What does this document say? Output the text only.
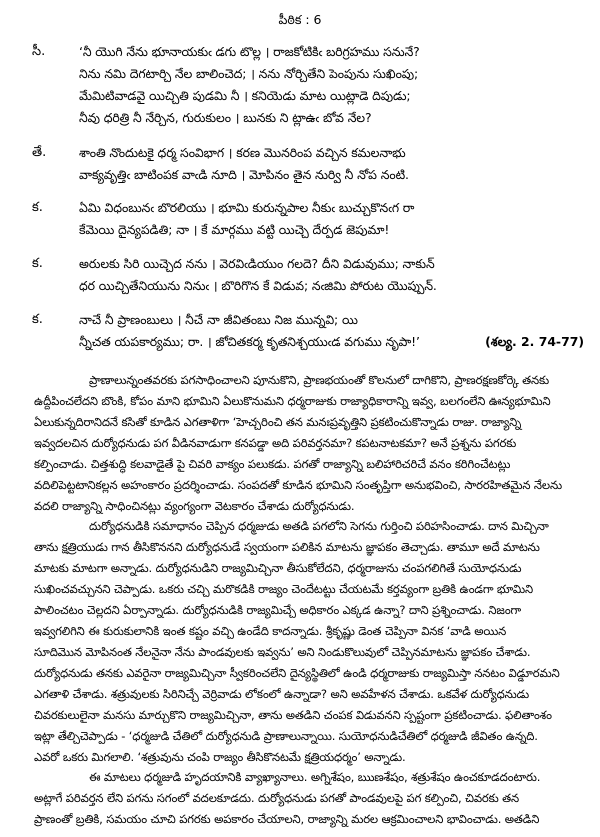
పీఠిక : 6
సీ.	‘నీ యొగి నేను భూనాయకుఁ డగు టొల్ల । రాజకోటికిఁ బరిగ్రహము సనునే?
నిను నమి దెగటార్చి నేల బాలించెద; । నను నోర్చితేని పెంపును సుఖింపు;
మేమిటివాడవై యిచ్చితి పుడమి నీ । కనియెడు మాట యిట్లాడె దిపుడు;
నీవు ధరిత్రి నీ నేర్చిన, గురుకులం । బునకు ని ట్లాఉఁ బోవ నేల?
తే.	శాంతి నొందుటకై ధర్మ సంవిభాగ । కరణ మొనరింప వచ్చిన కమలనాభు
వాక్యవృత్తిఁ బాటింపక వాఁడి నూది । మోపినం తైన నుర్వి నీ నోప నంటి.
క.	ఏమి విధంబునఁ బొరలియు । భూమి కురున్నపాల నీకుఁ బుచ్చుకొనఁగ రా
కేమెయి దైన్యపడితి; నా । కే మార్గము వట్టి యిచ్చె దేర్పడ జెపుమా!
క.	అరులకు సిరి యిచ్చెద నను । వెరవిఁడియుం గలదె? దీని విడువుము; నాకున్
ధర యిచ్చితేనియును నినుఁ । బొరిగొన కే విడువ; నఁజిమి పోరుట యొప్పున్.
క.	నాచే నీ ప్రాణంబులు । నీచే నా జీవితంబు నిజ మున్నవి; యి
న్నీచత యపకార్యము; రా. । జోచితకర్మ కృతనిశ్చయుఁడ వగుము నృపా!’	(శల్య. 2. 74-77)
ప్రాణాలున్నంతవరకు పగసాధించాలని పూనుకొని, ప్రాణభయంతో కొలనులో దాగికొని, ప్రాణరక్షణకోర్కె తనకు
ఉద్దీపించలేదని బొంకి, కోపం మాని భూమిని ఏలుకొనుమని ధర్మరాజుకు రాజ్యాధికారాన్ని ఇవ్వ, బలగంలేని ఊన్యభూమిని
ఏలుకున్నదిరానిదనే కసితో కూడిన ఎగతాళిగా ‘హెచ్చరించి తన మనఃప్రవృత్తిని ప్రకటించుకొన్నాడు రాజు. రాజ్యాన్ని
ఇవ్వదలచిన దుర్యోధనుడు పగ వీడినవాడుగా కనపడ్డా అది పరివర్తనమా? కపటనాటకమా? అనే ప్రశ్నను పగరకు
కల్పించాడు. చిత్తశుద్ధి కలవాడైతే పై చివరి వాక్యం పలుకడు. పగతో రాజ్యాన్ని బలిహారిచరిచే వనం కరిగించేటట్లు
వదిలిపెట్టటానికల్లన అహంకారం ప్రదర్శించాడు. సంపదతో కూడిన భూమిని సంతృప్తిగా అనుభవించి, సారరహితమైన నేలను
వదలి రాజ్యాన్ని సాధించినట్లు వ్యంగ్యంగా వెటకారం చేశాడు దుర్యోధనుడు.
దుర్యోధనుడికి సమాధానం చెప్పిన ధర్మజుడు అతడి పగలోని సెగను గుర్తించి పరిహసించాడు. దాన మిచ్చినా
తాను క్షత్రియుడు గాన తీసికొననని దుర్యోధనుడే స్వయంగా పలికిన మాటను జ్ఞాపకం తెచ్చాడు. తామూ అదే మాటను
మాటకు మాటగా అన్నాడు. దుర్యోధనుడిని రాజ్యమిచ్చినా తీసుకోలేదని, ధర్మరాజును చంపగలిగితే సుయోధనుడు
సుఖించవచ్చునని చెప్పాడు. ఒకరు చచ్చి మరొకడికి రాజ్యం చెందేటట్టు చేయటమే కర్తవ్యంగా బ్రతికి ఉండగా భూమిని
పాలించటం చెల్లదని ఏర్పాన్నాడు. దుర్యోధనుడికి రాజ్యమిచ్చే అధికారం ఎక్కడ ఉన్నా? దాని ప్రశ్నించాడు. నిజంగా
ఇవ్వగలిగిని ఈ కురుకులానికి ఇంత కష్టం వచ్చి ఉండేది కాదన్నాడు. శ్రీకృష్ణు డెంత చెప్పినా వినక ‘వాడి అయిన
సూదిమొన మోపినంత నేలనైనా నేను పాండవులకు ఇవ్వను’ అని నిండుకొలువులో చెప్పినమాటను జ్ఞాపకం చేశాడు.
దుర్యోధనుడు తనకు ఎవరైనా రాజ్యమిచ్చినా స్వీకరించలేని దైన్యస్థితిలో ఉండి ధర్మరాజుకు రాజ్యమిస్తా ననటం విడ్డూరమని
ఎగతాళి చేశాడు. శత్రువులకు సిరినిచ్చే వెర్రివాడు లోకంలో ఉన్నాడా? అని అవహేళన చేశాడు. ఒకవేళ దుర్యోధనుడు
చివరకులులైనా మనసు మార్చుకొని రాజ్యమిచ్చినా, తాను అతడిని చంపక విడువనని స్పష్టంగా ప్రకటించాడు. ఫలితాంశం
ఇట్లా తేల్చిచెప్పాడు - ‘ధర్మజుడి చేతిలో దుర్యోధనుడి ప్రాణాలున్నాయి. సుయోధనుడిచేతిలో ధర్మజుడి జీవితం ఉన్నది.
ఎవరో ఒకరు మిగలాలి. ‘శత్రువును చంపి రాజ్యం తీసికొనటమే క్షత్రియధర్మం’ అన్నాడు.
ఈ మాటలు ధర్మజుడి హృదయానికి వ్యాఖ్యానాలు. అగ్నిశేషం, ఋణశేషం, శత్రుశేషం ఉంచకూడదంటారు.
అట్లాగే పరివర్తన లేని పగను సగంలో వదలకూడదు. దుర్యోధనుడు పగతో పాండవులపై పగ కల్పించి, చివరకు తన
ప్రాణంతో బ్రతికి, సమయం చూచి పగరకు అపకారం చేయాలని, రాజ్యాన్ని మరల ఆక్రమించాలని భావించాడు. అతడిని
